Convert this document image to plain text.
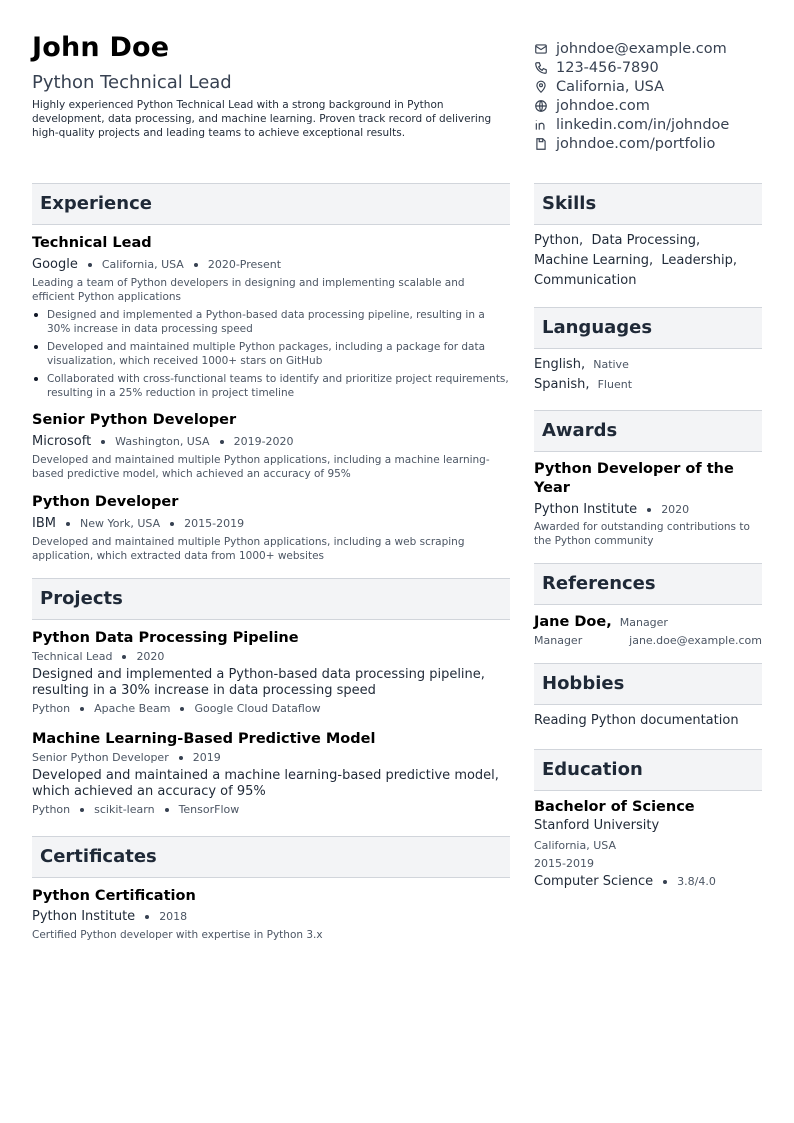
John Doe
Python Technical Lead
Highly experienced Python Technical Lead with a strong background in Python development, data processing, and machine learning. Proven track record of delivering high-quality projects and leading teams to achieve exceptional results.
johndoe@example.com
123-456-7890
California, USA
johndoe.com
linkedin.com/in/johndoe
johndoe.com/portfolio
Experience
Technical Lead
Google California, USA 2020-Present
Leading a team of Python developers in designing and implementing scalable and efficient Python applications
Designed and implemented a Python-based data processing pipeline, resulting in a 30% increase in data processing speed
Developed and maintained multiple Python packages, including a package for data visualization, which received 1000+ stars on GitHub
Collaborated with cross-functional teams to identify and prioritize project requirements, resulting in a 25% reduction in project timeline
Senior Python Developer
Microsoft Washington, USA 2019-2020
Developed and maintained multiple Python applications, including a machine learning-based predictive model, which achieved an accuracy of 95%
Python Developer
IBM New York, USA 2015-2019
Developed and maintained multiple Python applications, including a web scraping application, which extracted data from 1000+ websites
Projects
Python Data Processing Pipeline
Technical Lead 2020
Designed and implemented a Python-based data processing pipeline, resulting in a 30% increase in data processing speed
Python Apache Beam Google Cloud Dataflow
Machine Learning-Based Predictive Model
Senior Python Developer 2019
Developed and maintained a machine learning-based predictive model, which achieved an accuracy of 95%
Python scikit-learn TensorFlow
Certificates
Python Certification
Python Institute 2018
Certified Python developer with expertise in Python 3.x
Skills
Python, Data Processing,
Machine Learning, Leadership,
Communication
Languages
English, Native
Spanish, Fluent
Awards
Python Developer of the Year
Python Institute 2020
Awarded for outstanding contributions to the Python community
References
Jane Doe, Manager
Manager	jane.doe@example.com
Hobbies
Reading Python documentation
Education
Bachelor of Science
Stanford University
California, USA
2015-2019
Computer Science 3.8/4.0
